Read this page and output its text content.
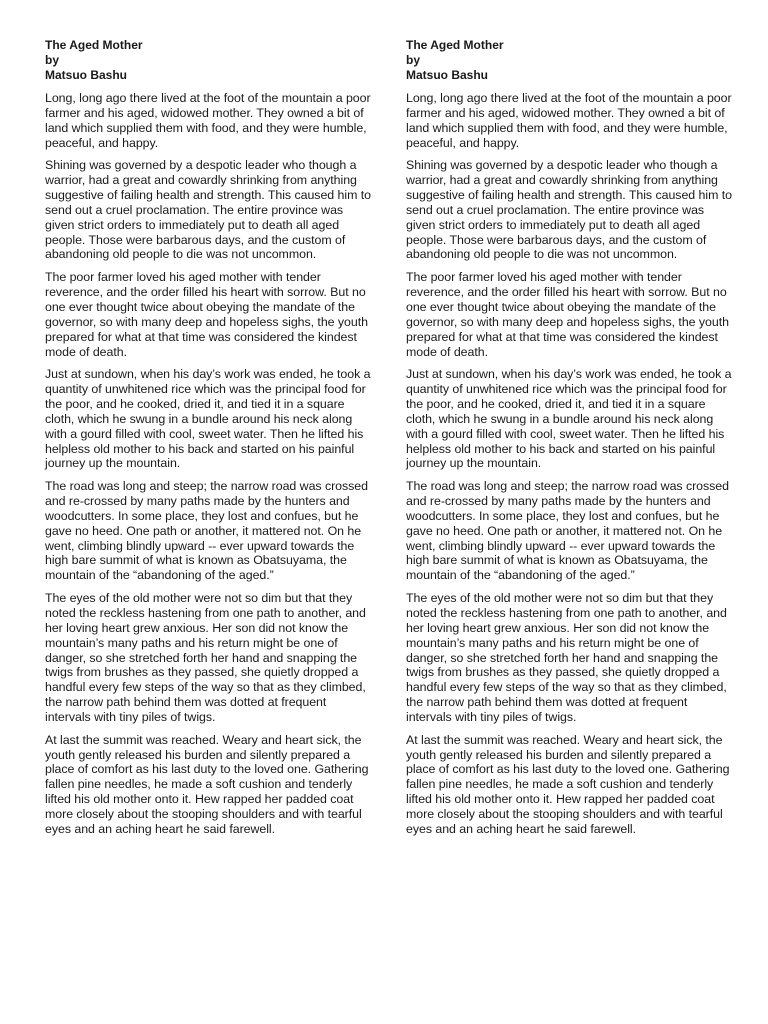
The Aged Mother
by
Matsuo Bashu

Long, long ago there lived at the foot of the mountain a poor farmer and his aged, widowed mother. They owned a bit of land which supplied them with food, and they were humble, peaceful, and happy.

Shining was governed by a despotic leader who though a warrior, had a great and cowardly shrinking from anything suggestive of failing health and strength. This caused him to send out a cruel proclamation. The entire province was given strict orders to immediately put to death all aged people. Those were barbarous days, and the custom of abandoning old people to die was not uncommon.

The poor farmer loved his aged mother with tender reverence, and the order filled his heart with sorrow. But no one ever thought twice about obeying the mandate of the governor, so with many deep and hopeless sighs, the youth prepared for what at that time was considered the kindest mode of death.

Just at sundown, when his day’s work was ended, he took a quantity of unwhitened rice which was the principal food for the poor, and he cooked, dried it, and tied it in a square cloth, which he swung in a bundle around his neck along with a gourd filled with cool, sweet water. Then he lifted his helpless old mother to his back and started on his painful journey up the mountain.

The road was long and steep; the narrow road was crossed and re-crossed by many paths made by the hunters and woodcutters. In some place, they lost and confues, but he gave no heed. One path or another, it mattered not. On he went, climbing blindly upward -- ever upward towards the high bare summit of what is known as Obatsuyama, the mountain of the “abandoning of the aged.”

The eyes of the old mother were not so dim but that they noted the reckless hastening from one path to another, and her loving heart grew anxious. Her son did not know the mountain’s many paths and his return might be one of danger, so she stretched forth her hand and snapping the twigs from brushes as they passed, she quietly dropped a handful every few steps of the way so that as they climbed, the narrow path behind them was dotted at frequent intervals with tiny piles of twigs.

At last the summit was reached. Weary and heart sick, the youth gently released his burden and silently prepared a place of comfort as his last duty to the loved one. Gathering fallen pine needles, he made a soft cushion and tenderly lifted his old mother onto it. Hew rapped her padded coat more closely about the stooping shoulders and with tearful eyes and an aching heart he said farewell.

The Aged Mother
by
Matsuo Bashu

Long, long ago there lived at the foot of the mountain a poor farmer and his aged, widowed mother. They owned a bit of land which supplied them with food, and they were humble, peaceful, and happy.

Shining was governed by a despotic leader who though a warrior, had a great and cowardly shrinking from anything suggestive of failing health and strength. This caused him to send out a cruel proclamation. The entire province was given strict orders to immediately put to death all aged people. Those were barbarous days, and the custom of abandoning old people to die was not uncommon.

The poor farmer loved his aged mother with tender reverence, and the order filled his heart with sorrow. But no one ever thought twice about obeying the mandate of the governor, so with many deep and hopeless sighs, the youth prepared for what at that time was considered the kindest mode of death.

Just at sundown, when his day’s work was ended, he took a quantity of unwhitened rice which was the principal food for the poor, and he cooked, dried it, and tied it in a square cloth, which he swung in a bundle around his neck along with a gourd filled with cool, sweet water. Then he lifted his helpless old mother to his back and started on his painful journey up the mountain.

The road was long and steep; the narrow road was crossed and re-crossed by many paths made by the hunters and woodcutters. In some place, they lost and confues, but he gave no heed. One path or another, it mattered not. On he went, climbing blindly upward -- ever upward towards the high bare summit of what is known as Obatsuyama, the mountain of the “abandoning of the aged.”

The eyes of the old mother were not so dim but that they noted the reckless hastening from one path to another, and her loving heart grew anxious. Her son did not know the mountain’s many paths and his return might be one of danger, so she stretched forth her hand and snapping the twigs from brushes as they passed, she quietly dropped a handful every few steps of the way so that as they climbed, the narrow path behind them was dotted at frequent intervals with tiny piles of twigs.

At last the summit was reached. Weary and heart sick, the youth gently released his burden and silently prepared a place of comfort as his last duty to the loved one. Gathering fallen pine needles, he made a soft cushion and tenderly lifted his old mother onto it. Hew rapped her padded coat more closely about the stooping shoulders and with tearful eyes and an aching heart he said farewell.
